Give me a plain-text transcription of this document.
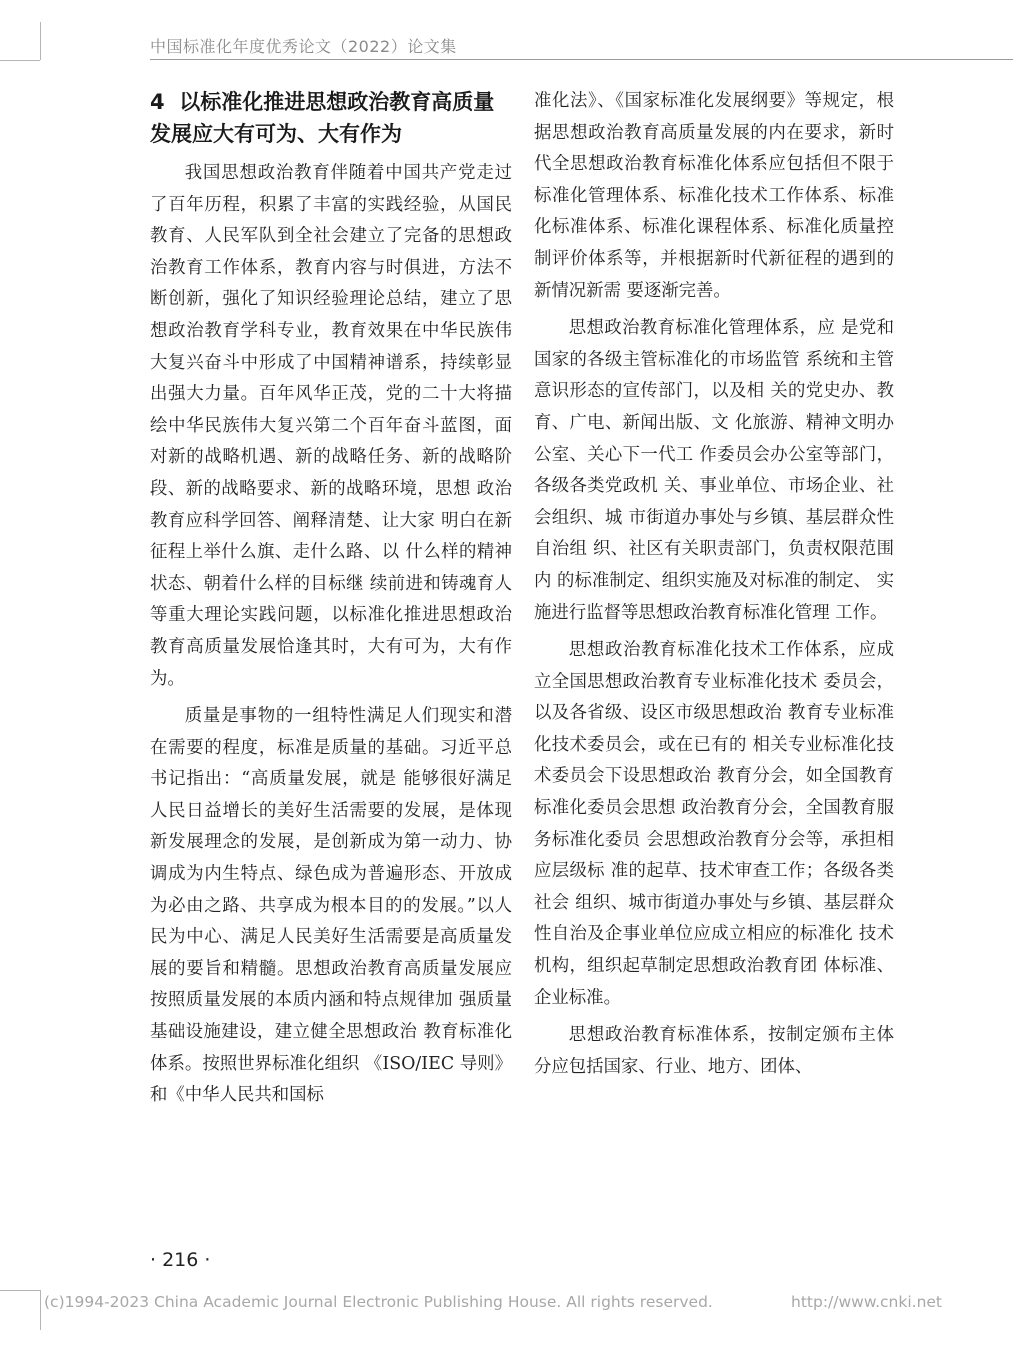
中国标准化年度优秀论文（2022）论文集
4 以标准化推进思想政治教育高质量 发展应大有可为、大有作为

我国思想政治教育伴随着中国共产党走过了百年历程，积累了丰富的实践经验，从国民教育、人民军队到全社会建立了完备的思想政治教育工作体系，教育内容与时俱进，方法不断创新，强化了知识经验理论总结，建立了思想政治教育学科专业，教育效果在中华民族伟大复兴奋斗中形成了中国精神谱系，持续彰显出强大力量。百年风华正茂，党的二十大将描绘中华民族伟大复兴第二个百年奋斗蓝图，面对新的战略机遇、新的战略任务、新的战略阶段、新的战略要求、新的战略环境，思想 政治教育应科学回答、阐释清楚、让大家 明白在新征程上举什么旗、走什么路、以 什么样的精神状态、朝着什么样的目标继 续前进和铸魂育人等重大理论实践问题，以标准化推进思想政治教育高质量发展恰逢其时，大有可为，大有作为。

质量是事物的一组特性满足人们现实和潜在需要的程度，标准是质量的基础。习近平总书记指出：“高质量发展，就是 能够很好满足人民日益增长的美好生活需要的发展，是体现新发展理念的发展，是创新成为第一动力、协调成为内生特点、绿色成为普遍形态、开放成为必由之路、共享成为根本目的的发展。”以人民为中心、满足人民美好生活需要是高质量发展的要旨和精髓。思想政治教育高质量发展应按照质量发展的本质内涵和特点规律加 强质量基础设施建设，建立健全思想政治 教育标准化体系。按照世界标准化组织 《ISO/IEC 导则》和《中华人民共和国标

准化法》、《国家标准化发展纲要》等规定，根据思想政治教育高质量发展的内在要求，新时代全思想政治教育标准化体系应包括但不限于标准化管理体系、标准化技术工作体系、标准化标准体系、标准化课程体系、标准化质量控制评价体系等，并根据新时代新征程的遇到的新情况新需 要逐渐完善。

思想政治教育标准化管理体系，应 是党和国家的各级主管标准化的市场监管 系统和主管意识形态的宣传部门，以及相 关的党史办、教育、广电、新闻出版、文 化旅游、精神文明办公室、关心下一代工 作委员会办公室等部门，各级各类党政机 关、事业单位、市场企业、社会组织、城 市街道办事处与乡镇、基层群众性自治组 织、社区有关职责部门，负责权限范围内 的标准制定、组织实施及对标准的制定、 实施进行监督等思想政治教育标准化管理 工作。

思想政治教育标准化技术工作体系，应成立全国思想政治教育专业标准化技术 委员会，以及各省级、设区市级思想政治 教育专业标准化技术委员会，或在已有的 相关专业标准化技术委员会下设思想政治 教育分会，如全国教育标准化委员会思想 政治教育分会，全国教育服务标准化委员 会思想政治教育分会等，承担相应层级标 准的起草、技术审查工作；各级各类社会 组织、城市街道办事处与乡镇、基层群众 性自治及企事业单位应成立相应的标准化 技术机构，组织起草制定思想政治教育团 体标准、企业标准。

思想政治教育标准体系，按制定颁布主体分应包括国家、行业、地方、团体、

· 216 ·
(c)1994-2023 China Academic Journal Electronic Publishing House. All rights reserved.	http://www.cnki.net
